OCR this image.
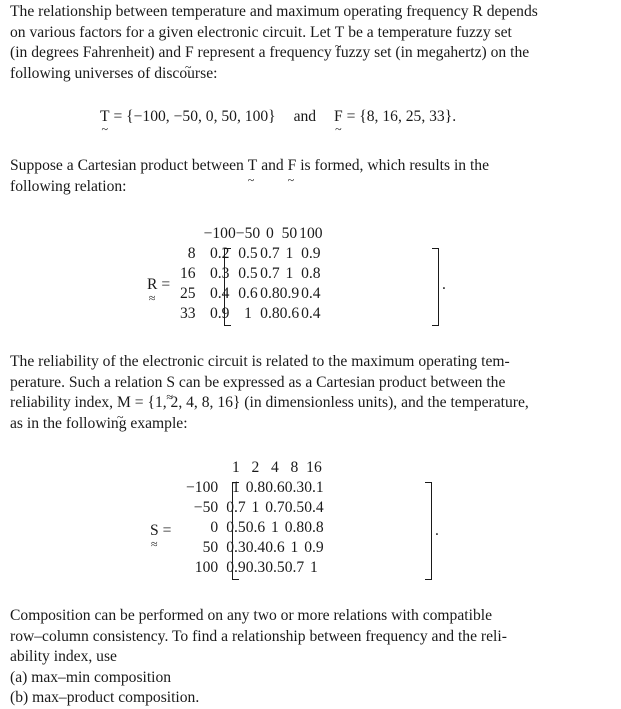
The relationship between temperature and maximum operating frequency R depends
on various factors for a given electronic circuit. Let T ~ be a temperature fuzzy set
(in degrees Fahrenheit) and F ~ represent a frequency fuzzy set (in megahertz) on the
following universes of discourse:
T ~ = {−100, −50, 0, 50, 100} and F ~ = {8, 16, 25, 33}.
Suppose a Cartesian product between T ~ and F ~ is formed, which results in the
following relation:
R ≈ =
	−100	−50	0	50	100
8	0.2	0.5	0.7	1	0.9
16	0.3	0.5	0.7	1	0.8
25	0.4	0.6	0.8	0.9	0.4
33	0.9	1	0.8	0.6	0.4
.
The reliability of the electronic circuit is related to the maximum operating tem-
perature. Such a relation S ≈ can be expressed as a Cartesian product between the
reliability index, M ~ = {1, 2, 4, 8, 16} (in dimensionless units), and the temperature,
as in the following example:
S ≈ =
	1	2	4	8	16
−100	1	0.8	0.6	0.3	0.1
−50	0.7	1	0.7	0.5	0.4
0	0.5	0.6	1	0.8	0.8
50	0.3	0.4	0.6	1	0.9
100	0.9	0.3	0.5	0.7	1
.
Composition can be performed on any two or more relations with compatible
row–column consistency. To find a relationship between frequency and the reli-
ability index, use
(a) max–min composition
(b) max–product composition.
